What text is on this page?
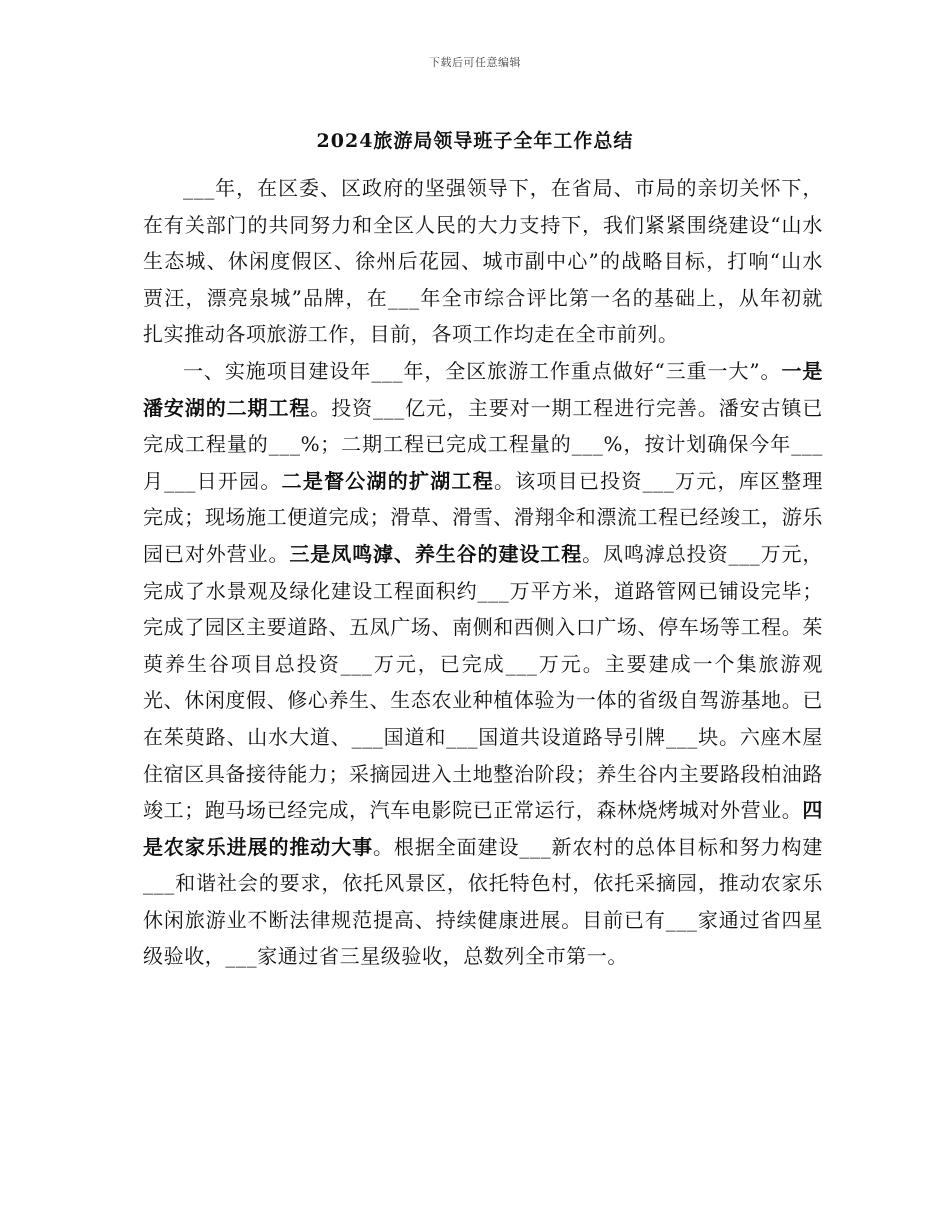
下载后可任意编辑
2024旅游局领导班子全年工作总结

___年，在区委、区政府的坚强领导下，在省局、市局的亲切关怀下，在有关部门的共同努力和全区人民的大力支持下，我们紧紧围绕建设“山水生态城、休闲度假区、徐州后花园、城市副中心”的战略目标，打响“山水贾汪，漂亮泉城”品牌，在___年全市综合评比第一名的基础上，从年初就扎实推动各项旅游工作，目前，各项工作均走在全市前列。

一、实施项目建设年___年，全区旅游工作重点做好“三重一大”。一是潘安湖的二期工程。投资___亿元，主要对一期工程进行完善。潘安古镇已完成工程量的___%；二期工程已完成工程量的___%，按计划确保今年___月___日开园。二是督公湖的扩湖工程。该项目已投资___万元，库区整理完成；现场施工便道完成；滑草、滑雪、滑翔伞和漂流工程已经竣工，游乐园已对外营业。三是凤鸣滹、养生谷的建设工程。凤鸣滹总投资___万元，完成了水景观及绿化建设工程面积约___万平方米，道路管网已铺设完毕；完成了园区主要道路、五凤广场、南侧和西侧入口广场、停车场等工程。茱萸养生谷项目总投资___万元，已完成___万元。主要建成一个集旅游观光、休闲度假、修心养生、生态农业种植体验为一体的省级自驾游基地。已在茱萸路、山水大道、___国道和___国道共设道路导引牌___块。六座木屋住宿区具备接待能力；采摘园进入土地整治阶段；养生谷内主要路段柏油路竣工；跑马场已经完成，汽车电影院已正常运行，森林烧烤城对外营业。四是农家乐进展的推动大事。根据全面建设___新农村的总体目标和努力构建___和谐社会的要求，依托风景区，依托特色村，依托采摘园，推动农家乐休闲旅游业不断法律规范提高、持续健康进展。目前已有___家通过省四星级验收，___家通过省三星级验收，总数列全市第一。
